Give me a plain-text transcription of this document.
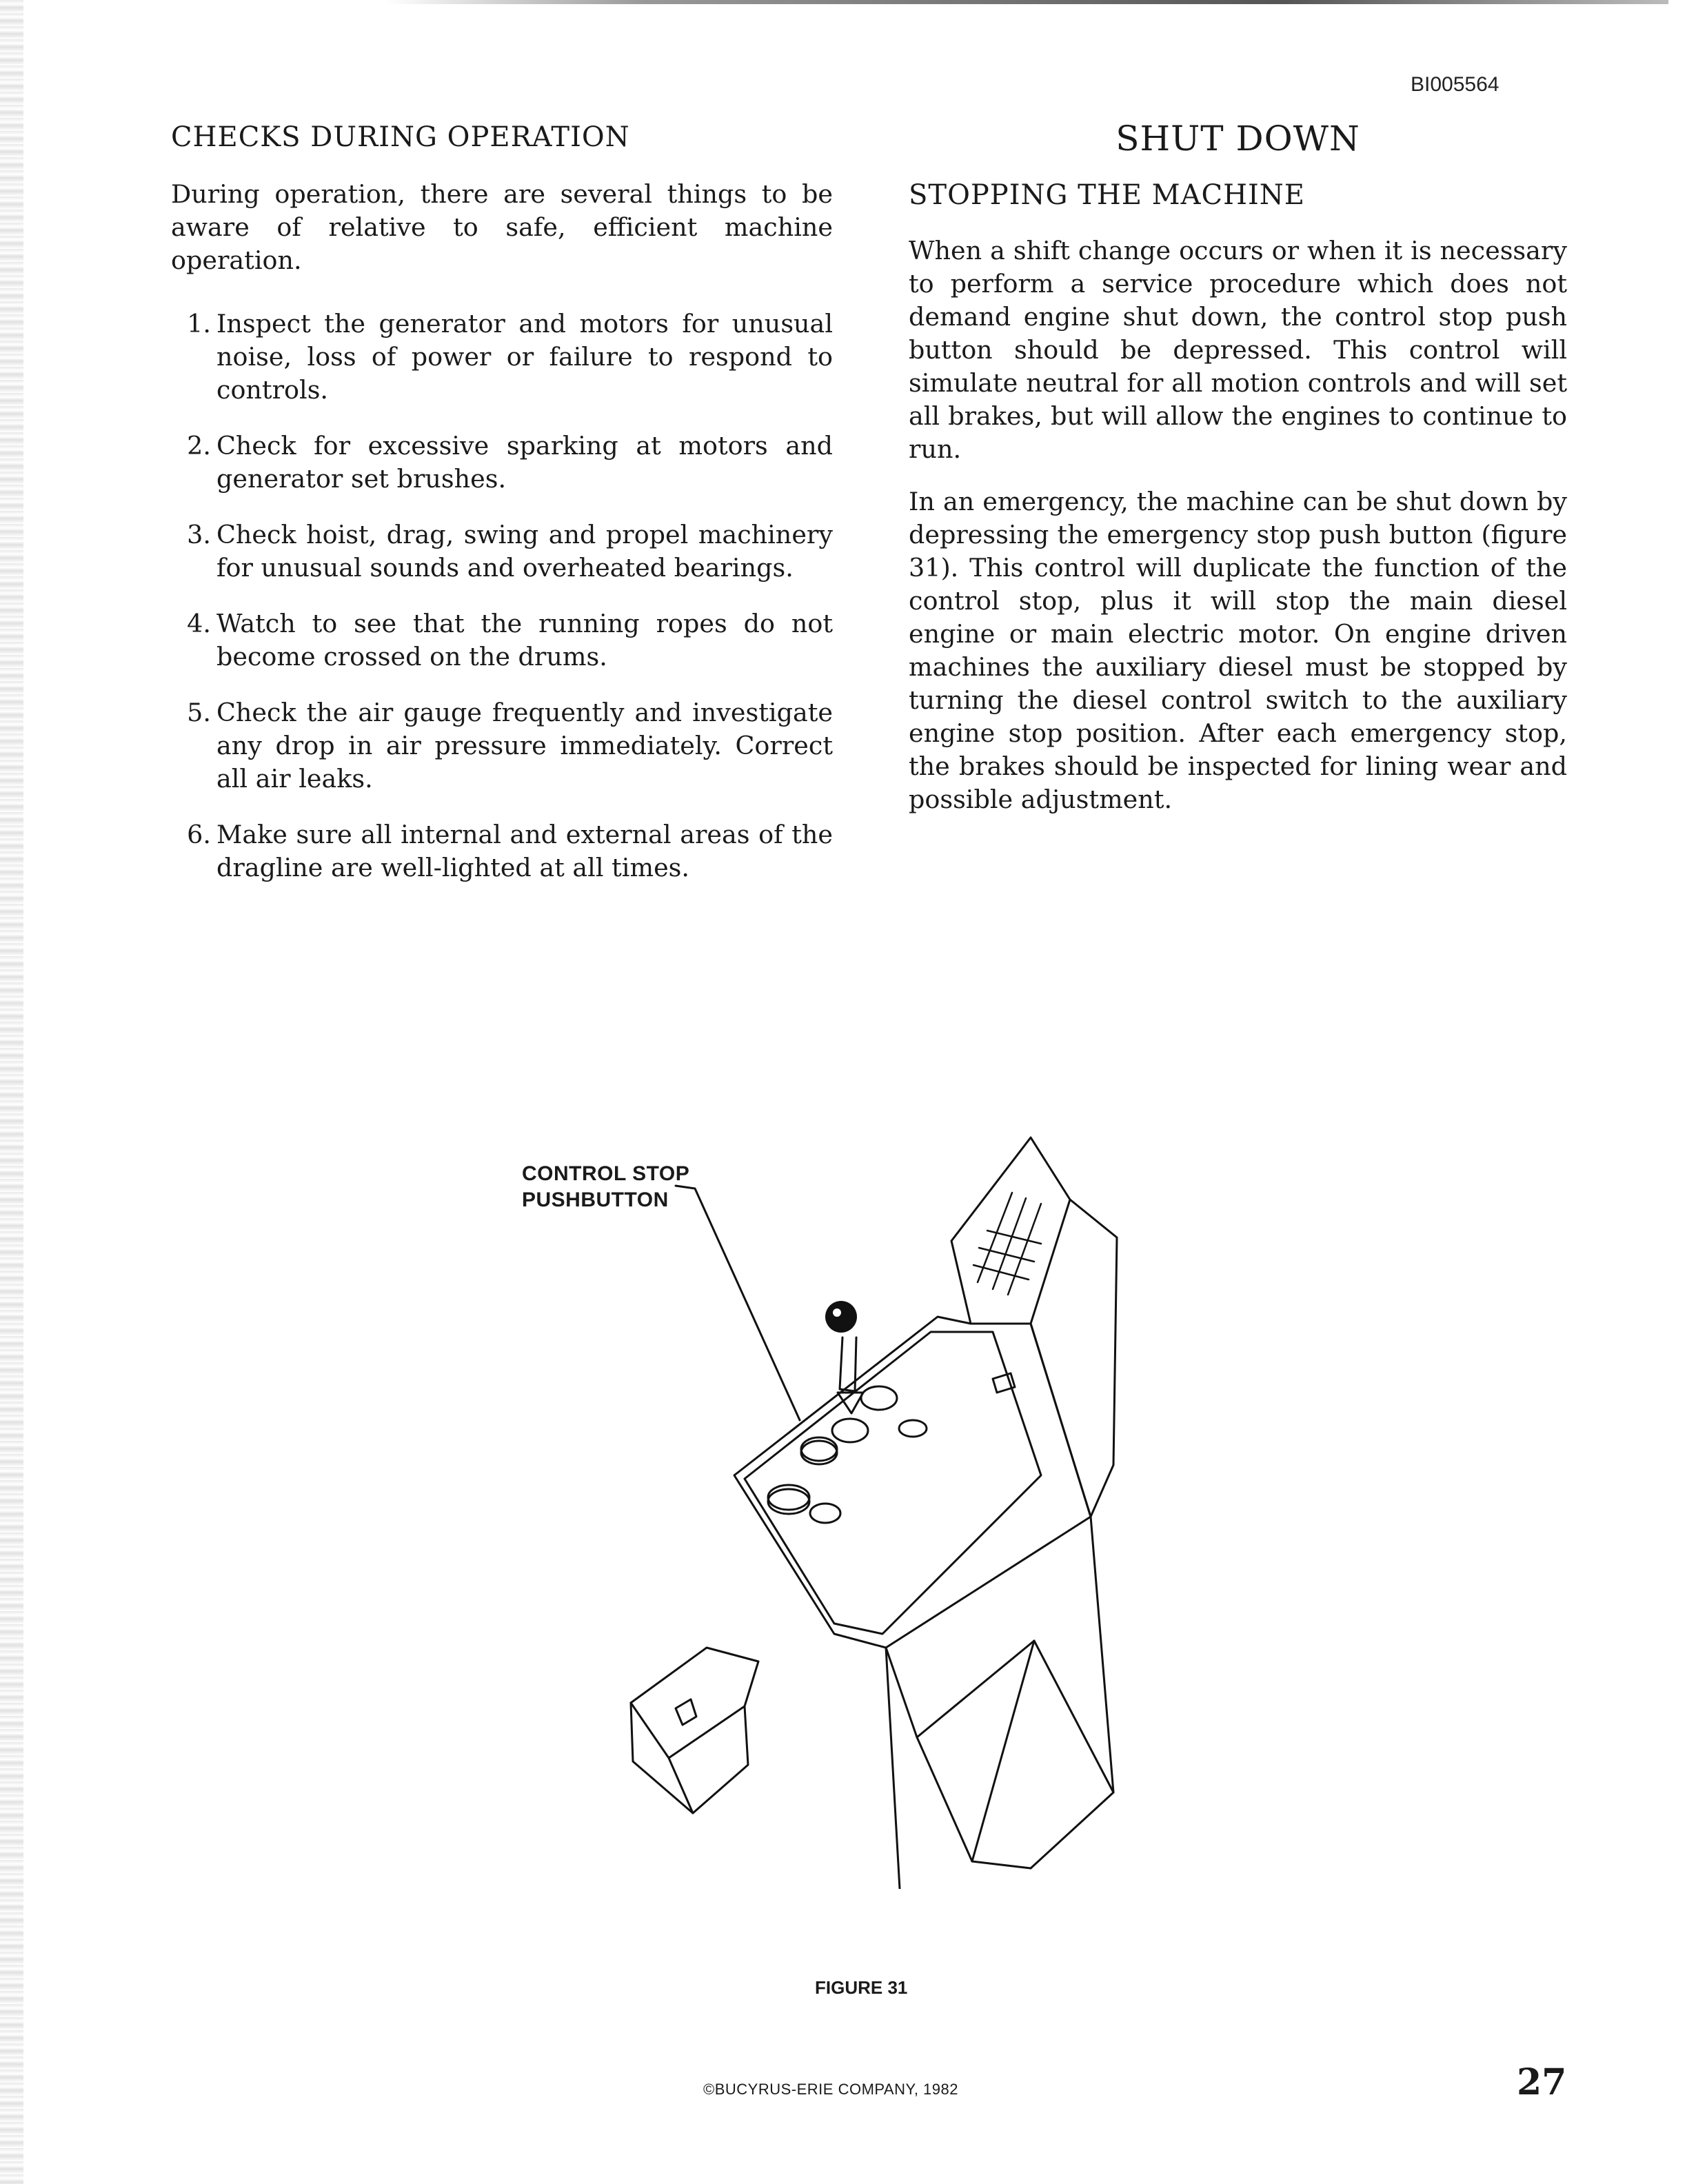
BI005564
CHECKS DURING OPERATION

During operation, there are several things to be aware of relative to safe, efficient machine operation.

1. Inspect the generator and motors for unusual noise, loss of power or failure to respond to controls.
2. Check for excessive sparking at motors and generator set brushes.
3. Check hoist, drag, swing and propel machinery for unusual sounds and overheated bearings.
4. Watch to see that the running ropes do not become crossed on the drums.
5. Check the air gauge frequently and investigate any drop in air pressure immediately. Correct all air leaks.
6. Make sure all internal and external areas of the dragline are well-lighted at all times.
SHUT DOWN
STOPPING THE MACHINE

When a shift change occurs or when it is necessary to perform a service procedure which does not demand engine shut down, the control stop push button should be depressed. This control will simulate neutral for all motion controls and will set all brakes, but will allow the engines to continue to run.

In an emergency, the machine can be shut down by depressing the emergency stop push button (figure 31). This control will duplicate the function of the control stop, plus it will stop the main diesel engine or main electric motor. On engine driven machines the auxiliary diesel must be stopped by turning the diesel control switch to the auxiliary engine stop position. After each emergency stop, the brakes should be inspected for lining wear and possible adjustment.

CONTROL STOP
PUSHBUTTON
FIGURE 31
©BUCYRUS-ERIE COMPANY, 1982	27
